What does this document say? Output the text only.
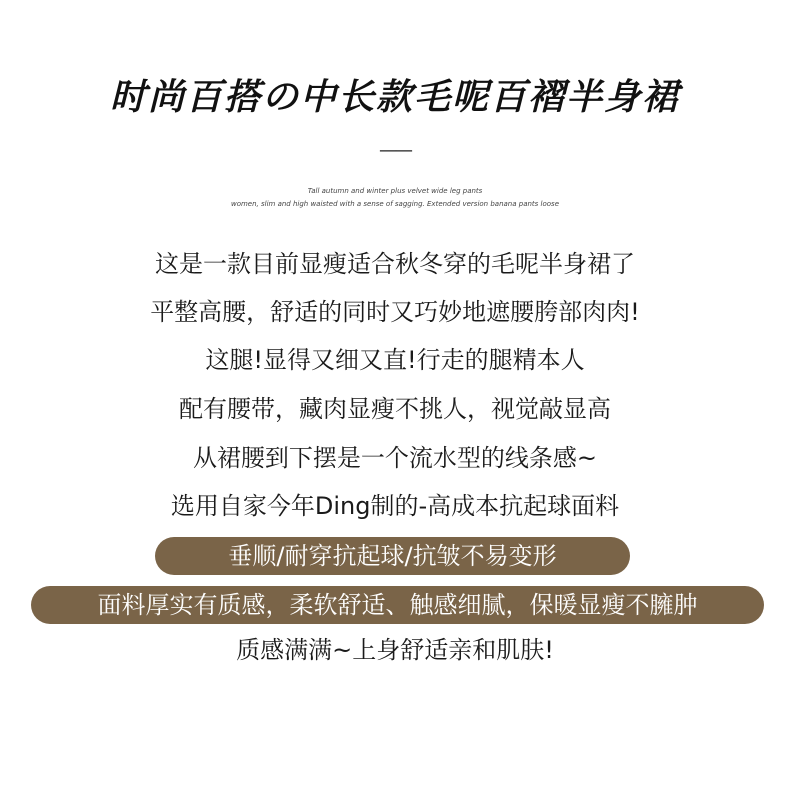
时尚百搭の中长款毛呢百褶半身裙
——
Tall autumn and winter plus velvet wide leg pants
women, slim and high waisted with a sense of sagging. Extended version banana pants loose
这是一款目前显瘦适合秋冬穿的毛呢半身裙了
平整高腰，舒适的同时又巧妙地遮腰胯部肉肉!
这腿!显得又细又直!行走的腿精本人
配有腰带，藏肉显瘦不挑人，视觉敲显高
从裙腰到下摆是一个流水型的线条感~
选用自家今年Ding制的-高成本抗起球面料
垂顺/耐穿抗起球/抗皱不易变形
面料厚实有质感，柔软舒适、触感细腻，保暖显瘦不臃肿
质感满满~上身舒适亲和肌肤!
